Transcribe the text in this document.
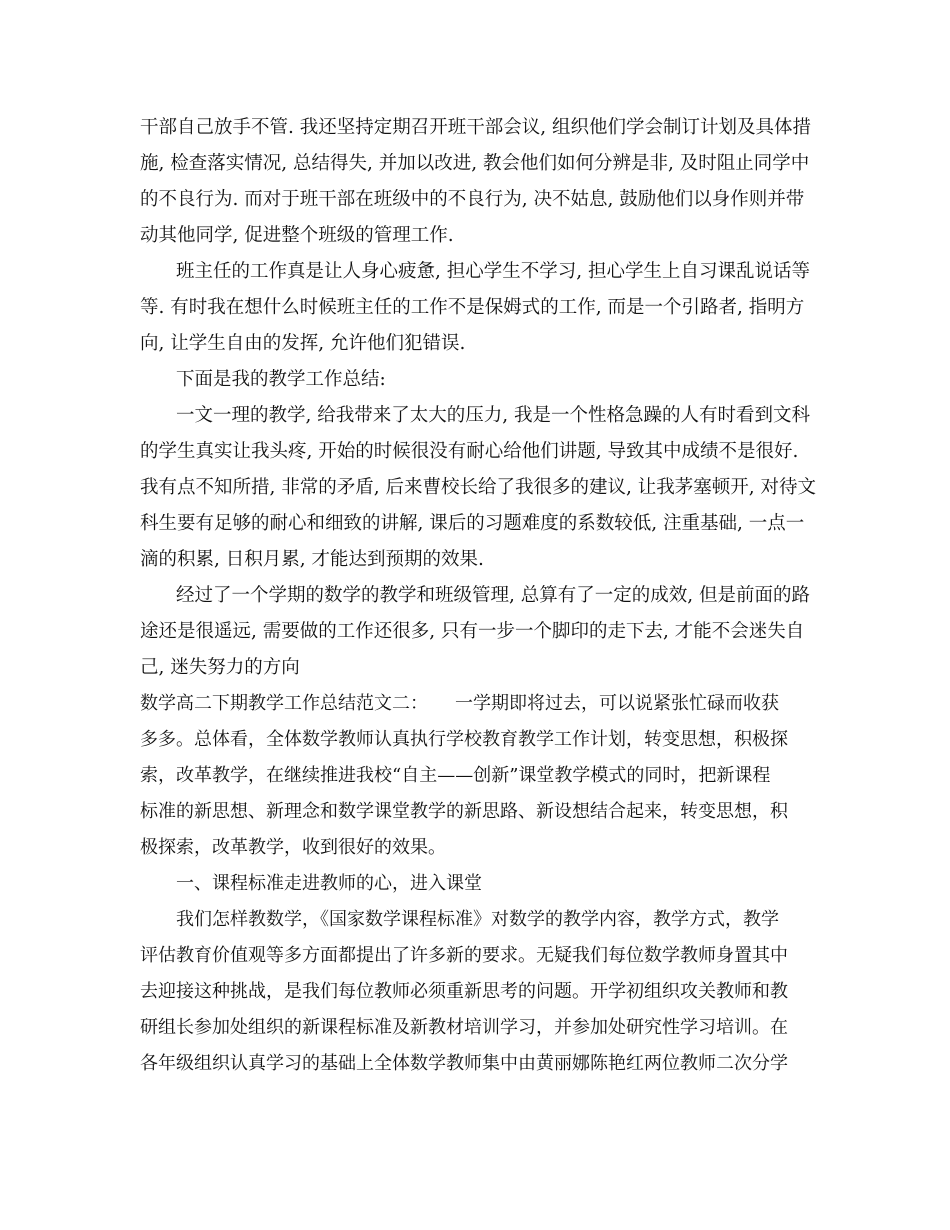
干部自己放手不管. 我还坚持定期召开班干部会议, 组织他们学会制订计划及具体措
施, 检查落实情况, 总结得失, 并加以改进, 教会他们如何分辨是非, 及时阻止同学中
的不良行为. 而对于班干部在班级中的不良行为, 决不姑息, 鼓励他们以身作则并带
动其他同学, 促进整个班级的管理工作.
班主任的工作真是让人身心疲惫, 担心学生不学习, 担心学生上自习课乱说话等
等. 有时我在想什么时候班主任的工作不是保姆式的工作, 而是一个引路者, 指明方
向, 让学生自由的发挥, 允许他们犯错误.
下面是我的教学工作总结:
一文一理的教学, 给我带来了太大的压力, 我是一个性格急躁的人有时看到文科
的学生真实让我头疼, 开始的时候很没有耐心给他们讲题, 导致其中成绩不是很好.
我有点不知所措, 非常的矛盾, 后来曹校长给了我很多的建议, 让我茅塞顿开, 对待文
科生要有足够的耐心和细致的讲解, 课后的习题难度的系数较低, 注重基础, 一点一
滴的积累, 日积月累, 才能达到预期的效果.
经过了一个学期的数学的教学和班级管理, 总算有了一定的成效, 但是前面的路
途还是很遥远, 需要做的工作还很多, 只有一步一个脚印的走下去, 才能不会迷失自
己, 迷失努力的方向
数学高二下期教学工作总结范文二：　　一学期即将过去，可以说紧张忙碌而收获
多多。总体看，全体数学教师认真执行学校教育教学工作计划，转变思想，积极探
索，改革教学，在继续推进我校“自主——创新”课堂教学模式的同时，把新课程
标准的新思想、新理念和数学课堂教学的新思路、新设想结合起来，转变思想，积
极探索，改革教学，收到很好的效果。
一、课程标准走进教师的心，进入课堂
我们怎样教数学，《国家数学课程标准》对数学的教学内容，教学方式，教学
评估教育价值观等多方面都提出了许多新的要求。无疑我们每位数学教师身置其中
去迎接这种挑战，是我们每位教师必须重新思考的问题。开学初组织攻关教师和教
研组长参加处组织的新课程标准及新教材培训学习，并参加处研究性学习培训。在
各年级组织认真学习的基础上全体数学教师集中由黄丽娜陈艳红两位教师二次分学
